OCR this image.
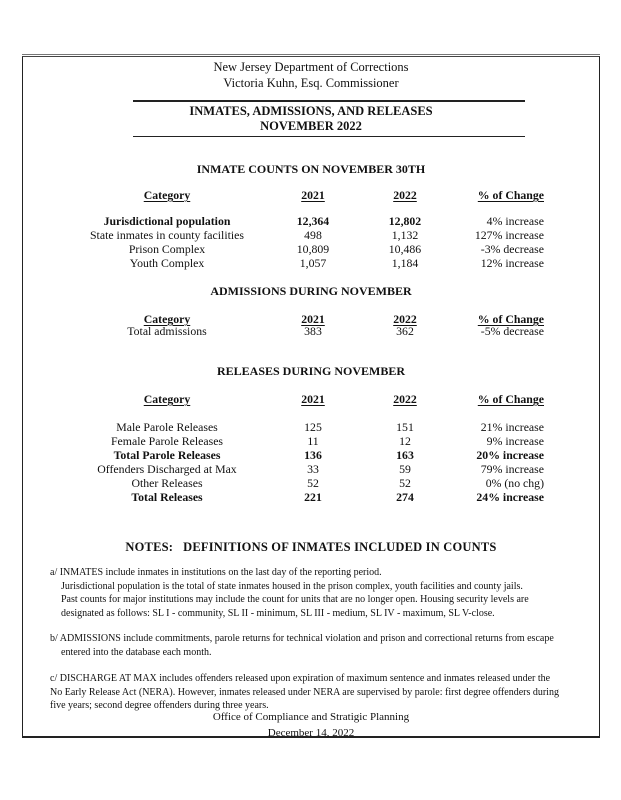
New Jersey Department of Corrections
Victoria Kuhn, Esq. Commissioner
INMATES, ADMISSIONS, AND RELEASES
NOVEMBER 2022
INMATE COUNTS ON NOVEMBER 30TH
Category	2021	2022	% of Change
Jurisdictional population	12,364	12,802	4% increase
State inmates in county facilities	498	1,132	127% increase
Prison Complex	10,809	10,486	-3% decrease
Youth Complex	1,057	1,184	12% increase
ADMISSIONS DURING NOVEMBER
Category	2021	2022	% of Change
Total admissions	383	362	-5% decrease
RELEASES DURING NOVEMBER
Category	2021	2022	% of Change
Male Parole Releases	125	151	21% increase
Female Parole Releases	11	12	9% increase
Total Parole Releases	136	163	20% increase
Offenders Discharged at Max	33	59	79% increase
Other Releases	52	52	0% (no chg)
Total Releases	221	274	24% increase
NOTES:   DEFINITIONS OF INMATES INCLUDED IN COUNTS
a/ INMATES include inmates in institutions on the last day of the reporting period.
Jurisdictional population is the total of state inmates housed in the prison complex, youth facilities and county jails.
Past counts for major institutions may include the count for units that are no longer open. Housing security levels are
designated as follows: SL I - community, SL II - minimum, SL III - medium, SL IV - maximum, SL V-close.
b/ ADMISSIONS include commitments, parole returns for technical violation and prison and correctional returns from escape
entered into the database each month.
c/ DISCHARGE AT MAX includes offenders released upon expiration of maximum sentence and inmates released under the
No Early Release Act (NERA). However, inmates released under NERA are supervised by parole: first degree offenders during
five years; second degree offenders during three years.
Office of Compliance and Stratigic Planning
December 14, 2022
